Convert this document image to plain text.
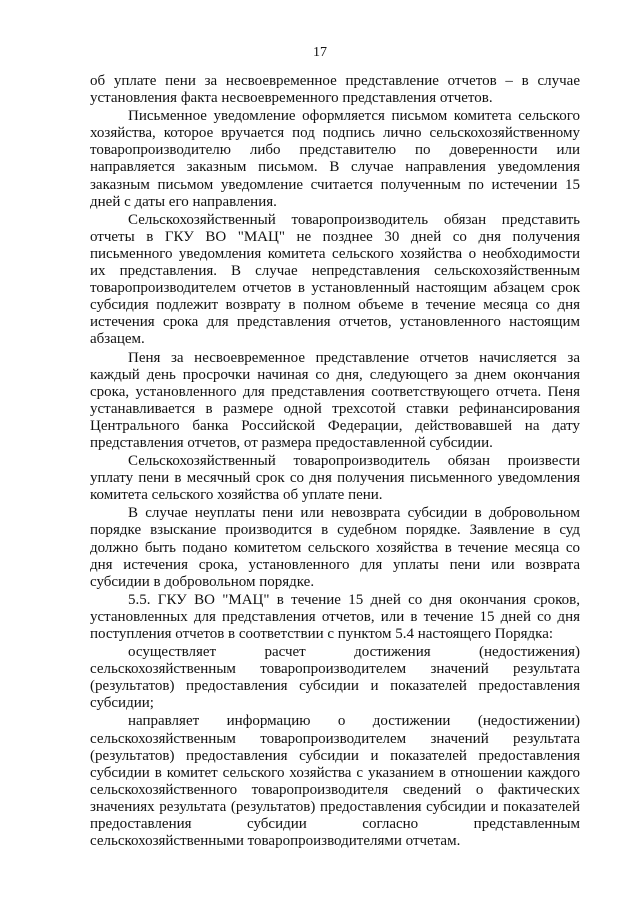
17

об уплате пени за несвоевременное представление отчетов – в случае установления факта несвоевременного представления отчетов.

Письменное уведомление оформляется письмом комитета сельского хозяйства, которое вручается под подпись лично сельскохозяйственному товаропроизводителю либо представителю по доверенности или направляется заказным письмом. В случае направления уведомления заказным письмом уведомление считается полученным по истечении 15 дней с даты его направления.

Сельскохозяйственный товаропроизводитель обязан представить отчеты в ГКУ ВО "МАЦ" не позднее 30 дней со дня получения письменного уведомления комитета сельского хозяйства о необходимости их представления. В случае непредставления сельскохозяйственным товаропроизводителем отчетов в установленный настоящим абзацем срок субсидия подлежит возврату в полном объеме в течение месяца со дня истечения срока для представления отчетов, установленного настоящим абзацем.

Пеня за несвоевременное представление отчетов начисляется за каждый день просрочки начиная со дня, следующего за днем окончания срока, установленного для представления соответствующего отчета. Пеня устанавливается в размере одной трехсотой ставки рефинансирования Центрального банка Российской Федерации, действовавшей на дату представления отчетов, от размера предоставленной субсидии.

Сельскохозяйственный товаропроизводитель обязан произвести уплату пени в месячный срок со дня получения письменного уведомления комитета сельского хозяйства об уплате пени.

В случае неуплаты пени или невозврата субсидии в добровольном порядке взыскание производится в судебном порядке. Заявление в суд должно быть подано комитетом сельского хозяйства в течение месяца со дня истечения срока, установленного для уплаты пени или возврата субсидии в добровольном порядке.

5.5. ГКУ ВО "МАЦ" в течение 15 дней со дня окончания сроков, установленных для представления отчетов, или в течение 15 дней со дня поступления отчетов в соответствии с пунктом 5.4 настоящего Порядка:

осуществляет расчет достижения (недостижения) сельскохозяйственным товаропроизводителем значений результата (результатов) предоставления субсидии и показателей предоставления субсидии;

направляет информацию о достижении (недостижении) сельскохозяйственным товаропроизводителем значений результата (результатов) предоставления субсидии и показателей предоставления субсидии в комитет сельского хозяйства с указанием в отношении каждого сельскохозяйственного товаропроизводителя сведений о фактических значениях результата (результатов) предоставления субсидии и показателей предоставления субсидии согласно представленным сельскохозяйственными товаропроизводителями отчетам.
